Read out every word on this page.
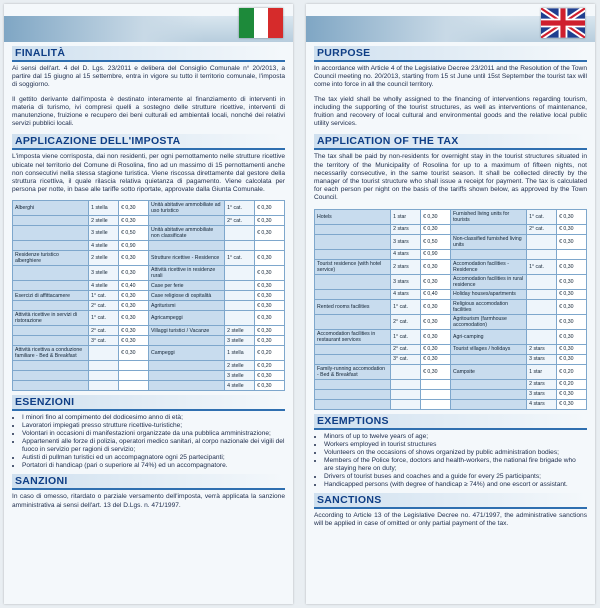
FINALITÀ

Ai sensi dell'art. 4 del D. Lgs. 23/2011 e delibera del Consiglio Comunale n° 20/2013, a partire dal 15 giugno al 15 settembre, entra in vigore su tutto il territorio comunale, l'imposta di soggiorno.

Il gettito derivante dall'imposta è destinato interamente al finanziamento di interventi in materia di turismo, ivi compresi quelli a sostegno delle strutture ricettive, interventi di manutenzione, fruizione e recupero dei beni culturali ed ambientali locali, nonché dei relativi servizi pubblici locali.

APPLICAZIONE DELL'IMPOSTA

L'imposta viene corrisposta, dai non residenti, per ogni pernottamento nelle strutture ricettive ubicate nel territorio del Comune di Rosolina, fino ad un massimo di 15 pernottamenti anche non consecutivi nella stessa stagione turistica. Viene riscossa direttamente dal gestore della struttura ricettiva, il quale rilascia relativa quietanza di pagamento. Viene calcolata per persona per notte, in base alle tariffe sotto riportate, approvate dalla Giunta Comunale.

Alberghi	1 stella	€ 0,30	Unità abitative ammobiliate ad uso turistico	1° cat.	€ 0,30
	2 stelle	€ 0,30		2° cat.	€ 0,30
	3 stelle	€ 0,50	Unità abitative ammobiliate non classificate		€ 0,30
	4 stelle	€ 0,90			
Residenze turistico alberghiere	2 stelle	€ 0,30	Strutture ricettive - Residence	1° cat.	€ 0,30
	3 stelle	€ 0,30	Attività ricettive in residenze rurali		€ 0,30
	4 stelle	€ 0,40	Case per ferie		€ 0,30
Esercizi di affittacamere	1° cat.	€ 0,30	Case religiose di ospitalità		€ 0,30
	2° cat.	€ 0,30	Agriturismi		€ 0,30
Attività ricettive in servizi di ristorazione	1° cat.	€ 0,30	Agricampeggi		€ 0,30
	2° cat.	€ 0,30	Villaggi turistici / Vacanze	2 stelle	€ 0,30
	3° cat.	€ 0,30		3 stelle	€ 0,30
Attività ricettiva a conduzione familiare - Bed & Breakfast		€ 0,30	Campeggi	1 stella	€ 0,20
				2 stelle	€ 0,20
				3 stelle	€ 0,30
				4 stelle	€ 0,30
ESENZIONI
• I minori fino al compimento del dodicesimo anno di età;
• Lavoratori impiegati presso strutture ricettive-turistiche;
• Volontari in occasioni di manifestazioni organizzate da una pubblica amministrazione;
• Appartenenti alle forze di polizia, operatori medico sanitari, al corpo nazionale dei vigili del fuoco in servizio per ragioni di servizio;
• Autisti di pullman turistici ed un accompagnatore ogni 25 partecipanti;
• Portatori di handicap (pari o superiore al 74%) ed un accompagnatore.
SANZIONI

In caso di omesso, ritardato o parziale versamento dell'imposta, verrà applicata la sanzione amministrativa ai sensi dell'art. 13 del D.Lgs. n. 471/1997.

PURPOSE

In accordance with Article 4 of the Legislative Decree 23/2011 and the Resolution of the Town Council meeting no. 20/2013, starting from 15 st June until 15st September the tourist tax will come into force in all the council territory.

The tax yield shall be wholly assigned to the financing of interventions regarding tourism, including the supporting of the tourist structures, as well as interventions of maintenance, fruition and recovery of local cultural and environmental goods and the relative local public utility services.

APPLICATION OF THE TAX

The tax shall be paid by non-residents for overnight stay in the tourist structures situated in the territory of the Municipality of Rosolina for up to a maximum of fifteen nights, not necessarily consecutive, in the same tourist season. It shall be collected directly by the manager of the tourist structure who shall issue a receipt for payment. The tax is calculated for each person per night on the basis of the tariffs shown below, as approved by the Town Council.

Hotels	1 star	€ 0,30	Furnished living units for tourists	1° cat.	€ 0,30
	2 stars	€ 0,30		2° cat.	€ 0,30
	3 stars	€ 0,50	Non-classified furnished living units		€ 0,30
	4 stars	€ 0,90			
Tourist residence (with hotel service)	2 stars	€ 0,30	Accomodation facilities - Residence	1° cat.	€ 0,30
	3 stars	€ 0,30	Accomodation facilities in rural residence		€ 0,30
	4 stars	€ 0,40	Holiday houses/apartments		€ 0,30
Rented rooms facilities	1° cat.	€ 0,30	Religious accomodation facilities		€ 0,30
	2° cat.	€ 0,30	Agritourism (farmhouse accomodation)		€ 0,30
Accomodation facilities in restaurant services	1° cat.	€ 0,30	Agri-camping		€ 0,30
	2° cat.	€ 0,30	Tourist villages / holidays	2 stars	€ 0,30
	3° cat.	€ 0,30		3 stars	€ 0,30
Family-running accomodation - Bed & Breakfast		€ 0,30	Campsite	1 star	€ 0,20
				2 stars	€ 0,20
				3 stars	€ 0,30
				4 stars	€ 0,30
EXEMPTIONS
• Minors of up to twelve years of age;
• Workers employed in tourist structures
• Volunteers on the occasions of shows organized by public administration bodies;
• Members of the Police force, doctors and health-workers, the national fire brigade who are staying here on duty;
• Drivers of tourist buses and coaches and a guide for every 25 participants;
• Handicapped persons (with degree of handicap ≥ 74%) and one escort or assistant.
SANCTIONS

According to Article 13 of the Legislative Decree no. 471/1997, the administrative sanctions will be applied in case of omitted or only partial payment of the tax.
